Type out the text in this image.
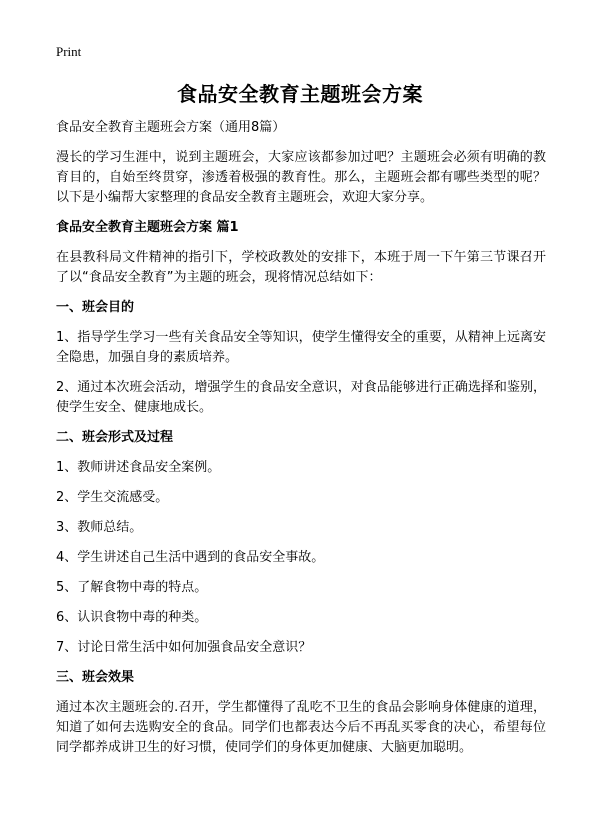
Print
食品安全教育主题班会方案

食品安全教育主题班会方案（通用8篇）

漫长的学习生涯中，说到主题班会，大家应该都参加过吧？主题班会必须有明确的教育目的，自始至终贯穿，渗透着极强的教育性。那么，主题班会都有哪些类型的呢？以下是小编帮大家整理的食品安全教育主题班会，欢迎大家分享。

食品安全教育主题班会方案 篇1

在县教科局文件精神的指引下，学校政教处的安排下，本班于周一下午第三节课召开了以“食品安全教育”为主题的班会，现将情况总结如下：

一、班会目的

1、指导学生学习一些有关食品安全等知识，使学生懂得安全的重要，从精神上远离安全隐患，加强自身的素质培养。

2、通过本次班会活动，增强学生的食品安全意识，对食品能够进行正确选择和鉴别，使学生安全、健康地成长。

二、班会形式及过程

1、教师讲述食品安全案例。

2、学生交流感受。

3、教师总结。

4、学生讲述自己生活中遇到的食品安全事故。

5、了解食物中毒的特点。

6、认识食物中毒的种类。

7、讨论日常生活中如何加强食品安全意识？

三、班会效果

通过本次主题班会的.召开，学生都懂得了乱吃不卫生的食品会影响身体健康的道理，知道了如何去选购安全的食品。同学们也都表达今后不再乱买零食的决心，希望每位同学都养成讲卫生的好习惯，使同学们的身体更加健康、大脑更加聪明。
